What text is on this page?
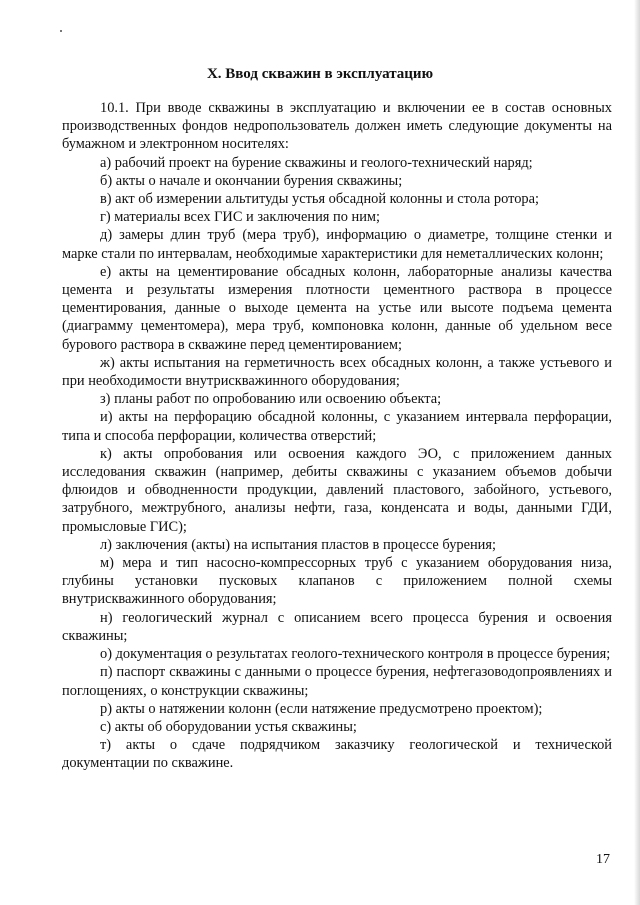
X. Ввод скважин в эксплуатацию

10.1. При вводе скважины в эксплуатацию и включении ее в состав основных производственных фондов недропользователь должен иметь следующие документы на бумажном и электронном носителях:

а) рабочий проект на бурение скважины и геолого-технический наряд;

б) акты о начале и окончании бурения скважины;

в) акт об измерении альтитуды устья обсадной колонны и стола ротора;

г) материалы всех ГИС и заключения по ним;

д) замеры длин труб (мера труб), информацию о диаметре, толщине стенки и марке стали по интервалам, необходимые характеристики для неметаллических колонн;

е) акты на цементирование обсадных колонн, лабораторные анализы качества цемента и результаты измерения плотности цементного раствора в процессе цементирования, данные о выходе цемента на устье или высоте подъема цемента (диаграмму цементомера), мера труб, компоновка колонн, данные об удельном весе бурового раствора в скважине перед цементированием;

ж) акты испытания на герметичность всех обсадных колонн, а также устьевого и при необходимости внутрискважинного оборудования;

з) планы работ по опробованию или освоению объекта;

и) акты на перфорацию обсадной колонны, с указанием интервала перфорации, типа и способа перфорации, количества отверстий;

к) акты опробования или освоения каждого ЭО, с приложением данных исследования скважин (например, дебиты скважины с указанием объемов добычи флюидов и обводненности продукции, давлений пластового, забойного, устьевого, затрубного, межтрубного, анализы нефти, газа, конденсата и воды, данными ГДИ, промысловые ГИС);

л) заключения (акты) на испытания пластов в процессе бурения;

м) мера и тип насосно-компрессорных труб с указанием оборудования низа, глубины установки пусковых клапанов с приложением полной схемы внутрискважинного оборудования;

н) геологический журнал с описанием всего процесса бурения и освоения скважины;

о) документация о результатах геолого-технического контроля в процессе бурения;

п) паспорт скважины с данными о процессе бурения, нефтегазоводопроявлениях и поглощениях, о конструкции скважины;

р) акты о натяжении колонн (если натяжение предусмотрено проектом);

с) акты об оборудовании устья скважины;

т) акты о сдаче подрядчиком заказчику геологической и технической документации по скважине.

17
